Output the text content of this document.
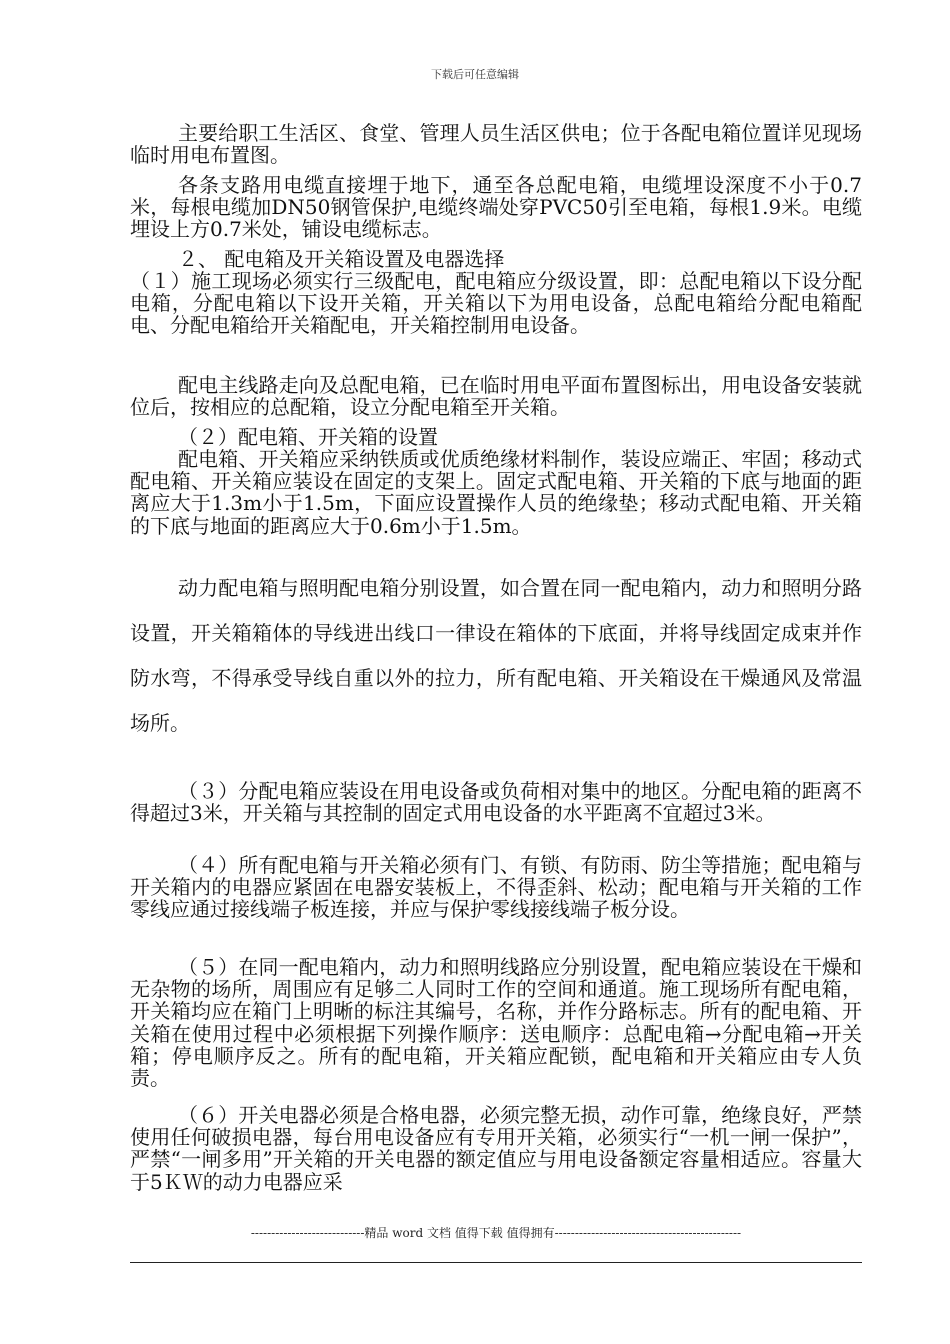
下载后可任意编辑

主要给职工生活区、食堂、管理人员生活区供电；位于各配电箱位置详见现场临时用电布置图。

各条支路用电缆直接埋于地下，通至各总配电箱，电缆埋设深度不小于0.7米，每根电缆加DN50钢管保护,电缆终端处穿PVC50引至电箱，每根1.9米。电缆埋设上方0.7米处，铺设电缆标志。

２、 配电箱及开关箱设置及电器选择

（１）施工现场必须实行三级配电，配电箱应分级设置，即：总配电箱以下设分配电箱，分配电箱以下设开关箱，开关箱以下为用电设备，总配电箱给分配电箱配电、分配电箱给开关箱配电，开关箱控制用电设备。

配电主线路走向及总配电箱，已在临时用电平面布置图标出，用电设备安装就位后，按相应的总配箱，设立分配电箱至开关箱。

（２）配电箱、开关箱的设置

配电箱、开关箱应采纳铁质或优质绝缘材料制作，装设应端正、牢固；移动式配电箱、开关箱应装设在固定的支架上。固定式配电箱、开关箱的下底与地面的距离应大于1.3m小于1.5m，下面应设置操作人员的绝缘垫；移动式配电箱、开关箱的下底与地面的距离应大于0.6m小于1.5m。

动力配电箱与照明配电箱分别设置，如合置在同一配电箱内，动力和照明分路设置，开关箱箱体的导线进出线口一律设在箱体的下底面，并将导线固定成束并作防水弯，不得承受导线自重以外的拉力，所有配电箱、开关箱设在干燥通风及常温场所。

（３）分配电箱应装设在用电设备或负荷相对集中的地区。分配电箱的距离不得超过3米，开关箱与其控制的固定式用电设备的水平距离不宜超过3米。

（４）所有配电箱与开关箱必须有门、有锁、有防雨、防尘等措施；配电箱与开关箱内的电器应紧固在电器安装板上，不得歪斜、松动；配电箱与开关箱的工作零线应通过接线端子板连接，并应与保护零线接线端子板分设。

（５）在同一配电箱内，动力和照明线路应分别设置，配电箱应装设在干燥和无杂物的场所，周围应有足够二人同时工作的空间和通道。施工现场所有配电箱，开关箱均应在箱门上明晰的标注其编号，名称，并作分路标志。所有的配电箱、开关箱在使用过程中必须根据下列操作顺序：送电顺序：总配电箱→分配电箱→开关箱；停电顺序反之。所有的配电箱，开关箱应配锁，配电箱和开关箱应由专人负责。

（６）开关电器必须是合格电器，必须完整无损，动作可靠，绝缘良好，严禁使用任何破损电器，每台用电设备应有专用开关箱，必须实行“一机一闸一保护”，严禁“一闸多用”开关箱的开关电器的额定值应与用电设备额定容量相适应。容量大于5ＫＷ的动力电器应采

----------------------------精品 word 文档 值得下载 值得拥有----------------------------------------------
